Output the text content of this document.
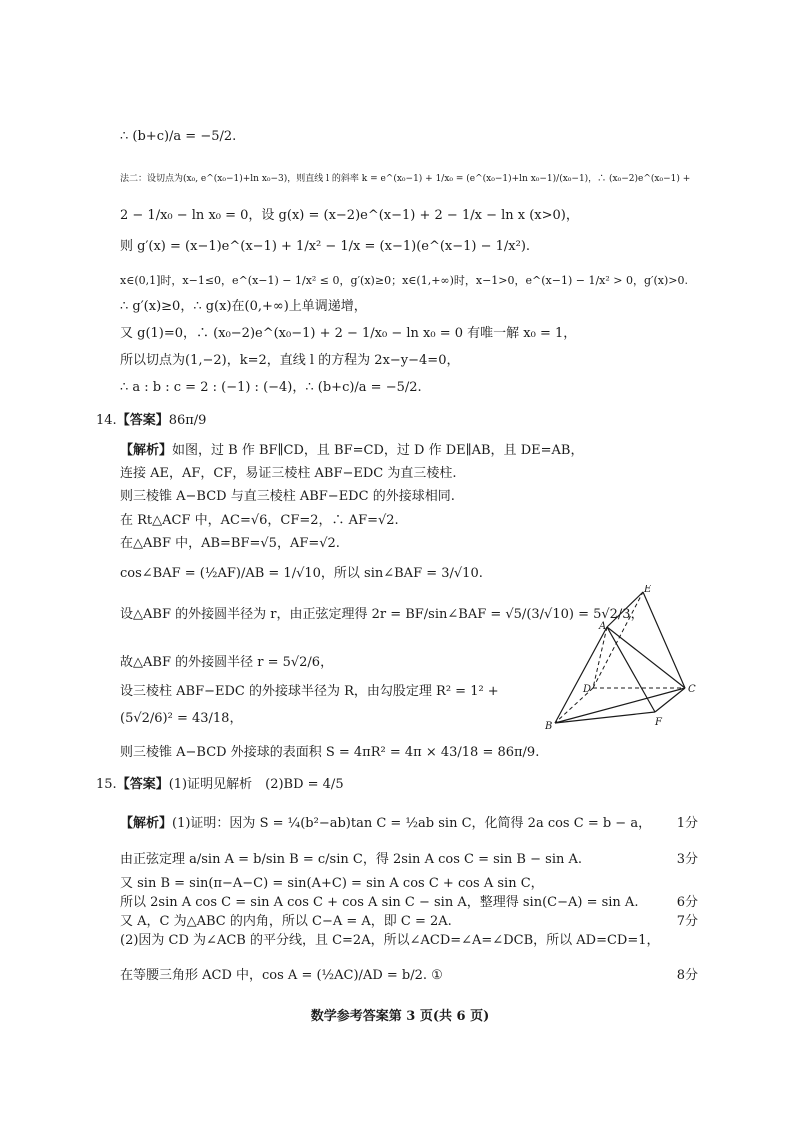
∴ (b+c)/a = −5/2.
法二：设切点为(x₀, e^(x₀−1)+ln x₀−3)，则直线 l 的斜率 k = e^(x₀−1) + 1/x₀ = (e^(x₀−1)+ln x₀−1)/(x₀−1)，∴ (x₀−2)e^(x₀−1) +
2 − 1/x₀ − ln x₀ = 0，设 g(x) = (x−2)e^(x−1) + 2 − 1/x − ln x (x>0)，
则 g′(x) = (x−1)e^(x−1) + 1/x² − 1/x = (x−1)(e^(x−1) − 1/x²).
x∈(0,1]时，x−1≤0，e^(x−1) − 1/x² ≤ 0，g′(x)≥0；x∈(1,+∞)时，x−1>0，e^(x−1) − 1/x² > 0，g′(x)>0.
∴ g′(x)≥0，∴ g(x)在(0,+∞)上单调递增，
又 g(1)=0，∴ (x₀−2)e^(x₀−1) + 2 − 1/x₀ − ln x₀ = 0 有唯一解 x₀ = 1，
所以切点为(1,−2)，k=2，直线 l 的方程为 2x−y−4=0，
∴ a : b : c = 2 : (−1) : (−4)，∴ (b+c)/a = −5/2.
14.【答案】86π/9
【解析】如图，过 B 作 BF∥CD，且 BF=CD，过 D 作 DE∥AB，且 DE=AB，
连接 AE，AF，CF，易证三棱柱 ABF−EDC 为直三棱柱.
则三棱锥 A−BCD 与直三棱柱 ABF−EDC 的外接球相同.
在 Rt△ACF 中，AC=√6，CF=2，∴ AF=√2.
在△ABF 中，AB=BF=√5，AF=√2.
cos∠BAF = (½AF)/AB = 1/√10，所以 sin∠BAF = 3/√10.
设△ABF 的外接圆半径为 r，由正弦定理得 2r = BF/sin∠BAF = √5/(3/√10) = 5√2/3，
故△ABF 的外接圆半径 r = 5√2/6，
设三棱柱 ABF−EDC 的外接球半径为 R，由勾股定理 R² = 1² +
(5√2/6)² = 43/18，
则三棱锥 A−BCD 外接球的表面积 S = 4πR² = 4π × 43/18 = 86π/9.
A
B
C
D
E
F
15.【答案】(1)证明见解析　(2)BD = 4/5
【解析】(1)证明：因为 S = ¼(b²−ab)tan C = ½ab sin C，化简得 2a cos C = b − a， 1分
由正弦定理 a/sin A = b/sin B = c/sin C，得 2sin A cos C = sin B − sin A.	3分
又 sin B = sin(π−A−C) = sin(A+C) = sin A cos C + cos A sin C，
所以 2sin A cos C = sin A cos C + cos A sin C − sin A，整理得 sin(C−A) = sin A.	6分
又 A，C 为△ABC 的内角，所以 C−A = A，即 C = 2A.	7分
(2)因为 CD 为∠ACB 的平分线，且 C=2A，所以∠ACD=∠A=∠DCB，所以 AD=CD=1，
在等腰三角形 ACD 中，cos A = (½AC)/AD = b/2. ①	8分
数学参考答案第 3 页(共 6 页)
